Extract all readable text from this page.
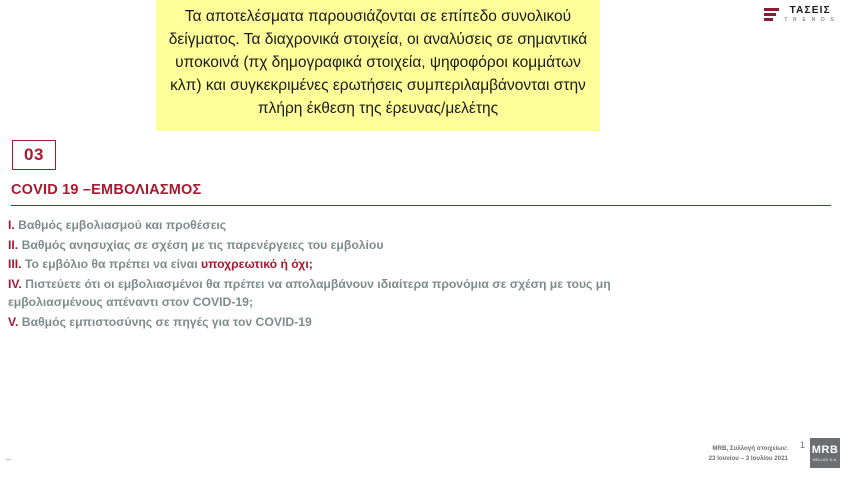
ΤΑΣΕΙΣ
T R E N D S
Τα αποτελέσματα παρουσιάζονται σε επίπεδο συνολικού δείγματος. Τα διαχρονικά στοιχεία, οι αναλύσεις σε σημαντικά υποκοινά (πχ δημογραφικά στοιχεία, ψηφοφόροι κομμάτων κλπ) και συγκεκριμένες ερωτήσεις συμπεριλαμβάνονται στην πλήρη έκθεση της έρευνας/μελέτης
03
COVID 19 –ΕΜΒΟΛΙΑΣΜΟΣ
I. Βαθμός εμβολιασμού και προθέσεις
II. Βαθμός ανησυχίας σε σχέση με τις παρενέργειες του εμβολίου
III. Το εμβόλιο θα πρέπει να είναι υποχρεωτικό ή όχι;
IV. Πιστεύετε ότι οι εμβολιασμένοι θα πρέπει να απολαμβάνουν ιδιαίτερα προνόμια σε σχέση με τους μη εμβολιασμένους απέναντι στον COVID-19;
V. Βαθμός εμπιστοσύνης σε πηγές για τον COVID-19
MRB, Συλλογή στοιχείων:
23 Ιουνίου – 3 Ιουλίου 2021
1 MRB
HELLAS S.A.
